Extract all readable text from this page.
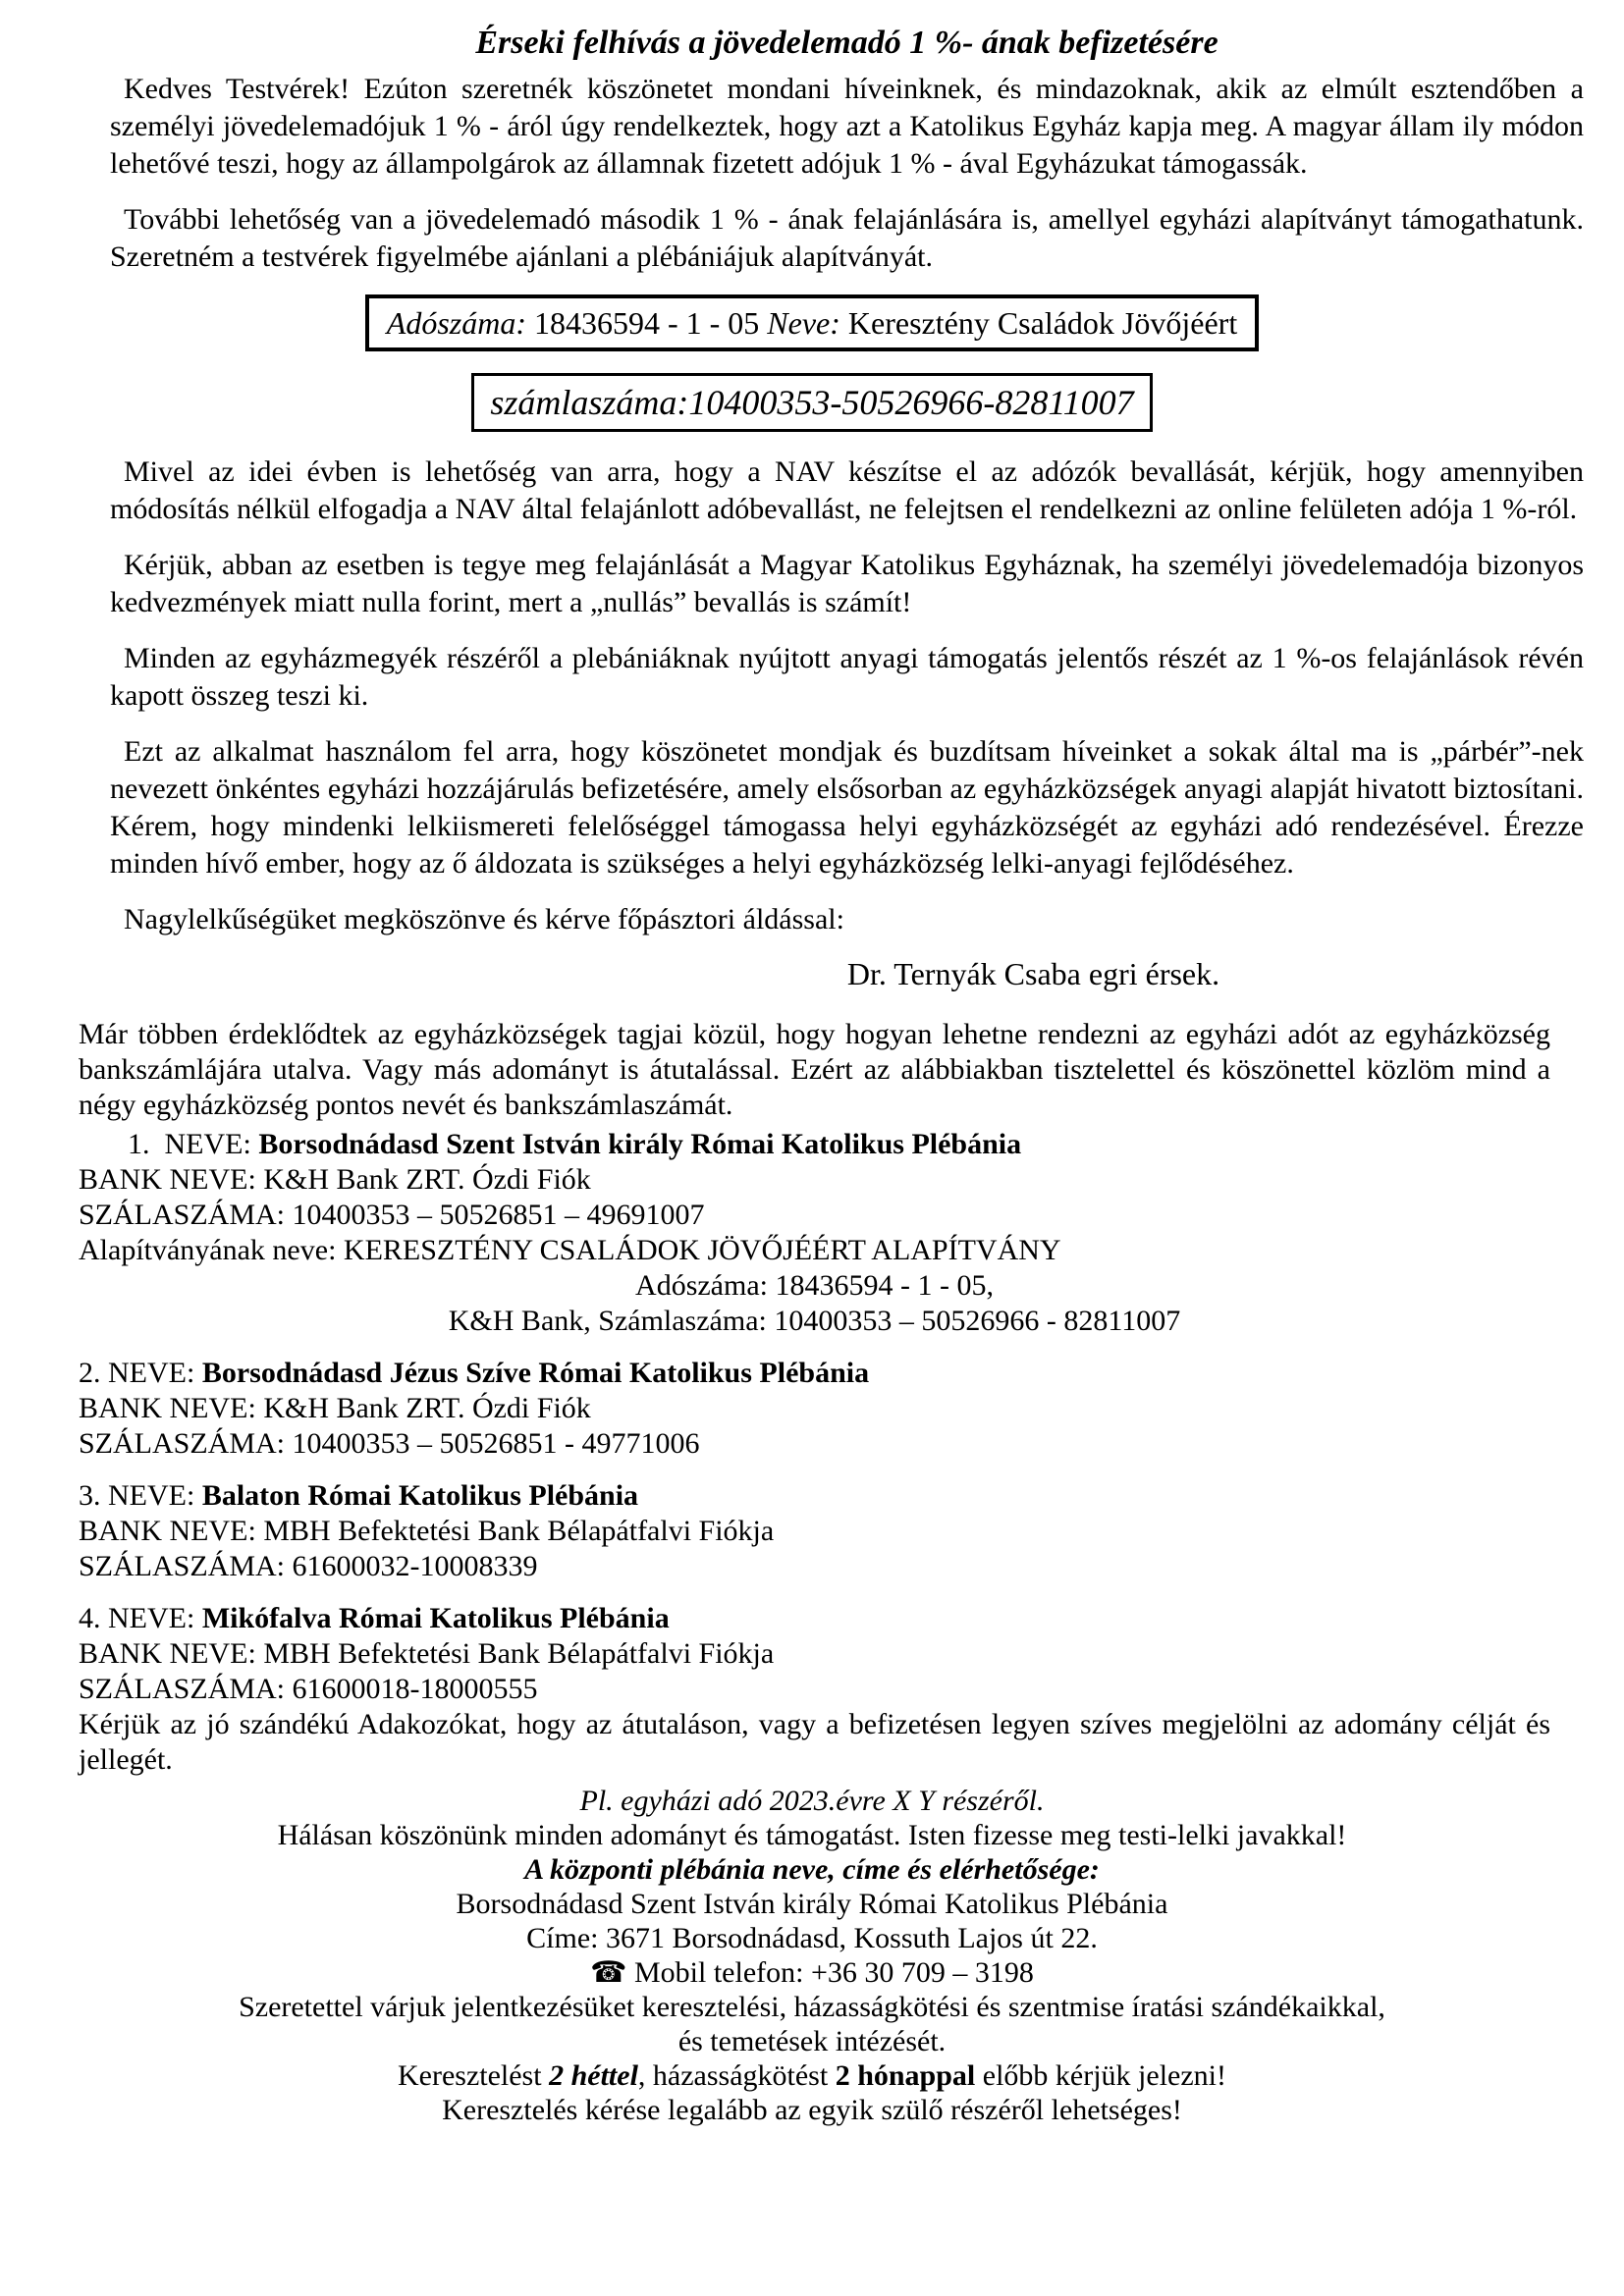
Érseki felhívás a jövedelemadó 1 %- ának befizetésére

Kedves Testvérek! Ezúton szeretnék köszönetet mondani híveinknek, és mindazoknak, akik az elmúlt esztendőben a személyi jövedelemadójuk 1 % - áról úgy rendelkeztek, hogy azt a Katolikus Egyház kapja meg. A magyar állam ily módon lehetővé teszi, hogy az állampolgárok az államnak fizetett adójuk 1 % - ával Egyházukat támogassák.

További lehetőség van a jövedelemadó második 1 % - ának felajánlására is, amellyel egyházi alapítványt támogathatunk. Szeretném a testvérek figyelmébe ajánlani a plébániájuk alapítványát.

Adószáma: 18436594 - 1 - 05 Neve: Keresztény Családok Jövőjéért
számlaszáma:10400353-50526966-82811007

Mivel az idei évben is lehetőség van arra, hogy a NAV készítse el az adózók bevallását, kérjük, hogy amennyiben módosítás nélkül elfogadja a NAV által felajánlott adóbevallást, ne felejtsen el rendelkezni az online felületen adója 1 %-ról.

Kérjük, abban az esetben is tegye meg felajánlását a Magyar Katolikus Egyháznak, ha személyi jövedelemadója bizonyos kedvezmények miatt nulla forint, mert a „nullás” bevallás is számít!

Minden az egyházmegyék részéről a plebániáknak nyújtott anyagi támogatás jelentős részét az 1 %-os felajánlások révén kapott összeg teszi ki.

Ezt az alkalmat használom fel arra, hogy köszönetet mondjak és buzdítsam híveinket a sokak által ma is „párbér”-nek nevezett önkéntes egyházi hozzájárulás befizetésére, amely elsősorban az egyházközségek anyagi alapját hivatott biztosítani. Kérem, hogy mindenki lelkiismereti felelőséggel támogassa helyi egyházközségét az egyházi adó rendezésével. Érezze minden hívő ember, hogy az ő áldozata is szükséges a helyi egyházközség lelki-anyagi fejlődéséhez.

Nagylelkűségüket megköszönve és kérve főpásztori áldással:

Dr. Ternyák Csaba egri érsek.

Már többen érdeklődtek az egyházközségek tagjai közül, hogy hogyan lehetne rendezni az egyházi adót az egyházközség bankszámlájára utalva. Vagy más adományt is átutalással. Ezért az alábbiakban tisztelettel és köszönettel közlöm mind a négy egyházközség pontos nevét és bankszámlaszámát.

1. NEVE: Borsodnádasd Szent István király Római Katolikus Plébánia

BANK NEVE: K&H Bank ZRT. Ózdi Fiók

SZÁLASZÁMA: 10400353 – 50526851 – 49691007

Alapítványának neve: KERESZTÉNY CSALÁDOK JÖVŐJÉÉRT ALAPÍTVÁNY

Adószáma: 18436594 - 1 - 05,

K&H Bank, Számlaszáma: 10400353 – 50526966 - 82811007

2. NEVE: Borsodnádasd Jézus Szíve Római Katolikus Plébánia

BANK NEVE: K&H Bank ZRT. Ózdi Fiók

SZÁLASZÁMA: 10400353 – 50526851 - 49771006

3. NEVE: Balaton Római Katolikus Plébánia

BANK NEVE: MBH Befektetési Bank Bélapátfalvi Fiókja

SZÁLASZÁMA: 61600032-10008339

4. NEVE: Mikófalva Római Katolikus Plébánia

BANK NEVE: MBH Befektetési Bank Bélapátfalvi Fiókja

SZÁLASZÁMA: 61600018-18000555

Kérjük az jó szándékú Adakozókat, hogy az átutaláson, vagy a befizetésen legyen szíves megjelölni az adomány célját és jellegét.

Pl. egyházi adó 2023.évre X Y részéről.

Hálásan köszönünk minden adományt és támogatást. Isten fizesse meg testi-lelki javakkal!

A központi plébánia neve, címe és elérhetősége:

Borsodnádasd Szent István király Római Katolikus Plébánia

Címe: 3671 Borsodnádasd, Kossuth Lajos út 22.

☎ Mobil telefon: +36 30 709 – 3198

Szeretettel várjuk jelentkezésüket keresztelési, házasságkötési és szentmise íratási szándékaikkal,

és temetések intézését.

Keresztelést 2 héttel, házasságkötést 2 hónappal előbb kérjük jelezni!

Keresztelés kérése legalább az egyik szülő részéről lehetséges!
